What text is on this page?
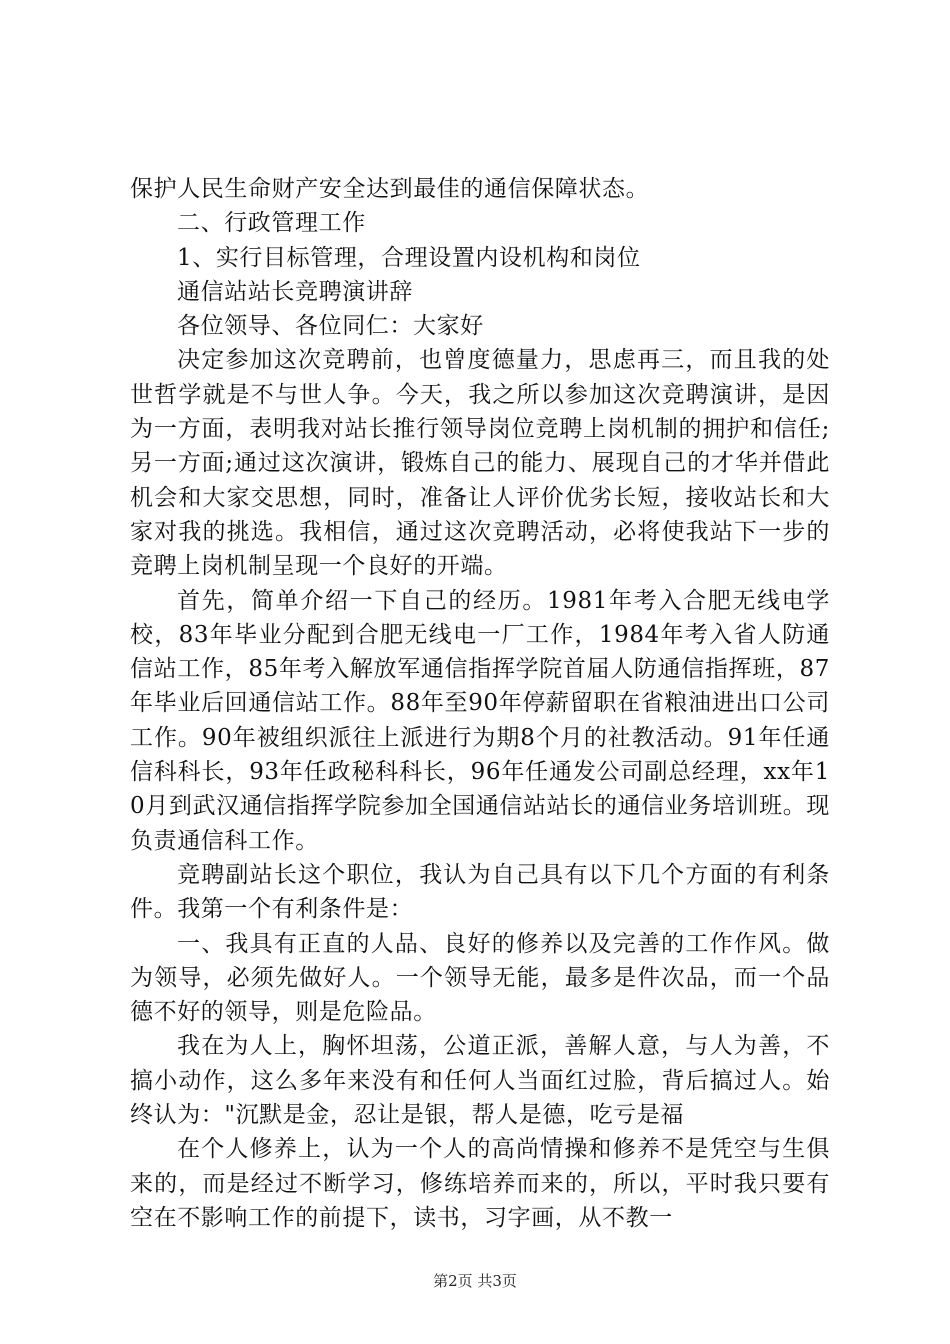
保护人民生命财产安全达到最佳的通信保障状态。

二、行政管理工作

1、实行目标管理，合理设置内设机构和岗位

通信站站长竞聘演讲辞

各位领导、各位同仁：大家好

决定参加这次竞聘前，也曾度德量力，思虑再三，而且我的处世哲学就是不与世人争。今天，我之所以参加这次竞聘演讲，是因为一方面，表明我对站长推行领导岗位竞聘上岗机制的拥护和信任;另一方面;通过这次演讲，锻炼自己的能力、展现自己的才华并借此机会和大家交思想，同时，准备让人评价优劣长短，接收站长和大家对我的挑选。我相信，通过这次竞聘活动，必将使我站下一步的竞聘上岗机制呈现一个良好的开端。

首先，简单介绍一下自己的经历。1981年考入合肥无线电学校，83年毕业分配到合肥无线电一厂工作，1984年考入省人防通信站工作，85年考入解放军通信指挥学院首届人防通信指挥班，87年毕业后回通信站工作。88年至90年停薪留职在省粮油进出口公司工作。90年被组织派往上派进行为期8个月的社教活动。91年任通信科科长，93年任政秘科科长，96年任通发公司副总经理，xx年10月到武汉通信指挥学院参加全国通信站站长的通信业务培训班。现负责通信科工作。

竞聘副站长这个职位，我认为自己具有以下几个方面的有利条件。我第一个有利条件是：

一、我具有正直的人品、良好的修养以及完善的工作作风。做为领导，必须先做好人。一个领导无能，最多是件次品，而一个品德不好的领导，则是危险品。

我在为人上，胸怀坦荡，公道正派，善解人意，与人为善，不搞小动作，这么多年来没有和任何人当面红过脸，背后搞过人。始终认为："沉默是金，忍让是银，帮人是德，吃亏是福

在个人修养上，认为一个人的高尚情操和修养不是凭空与生俱来的，而是经过不断学习，修练培养而来的，所以，平时我只要有空在不影响工作的前提下，读书，习字画，从不教一

第2页 共3页
